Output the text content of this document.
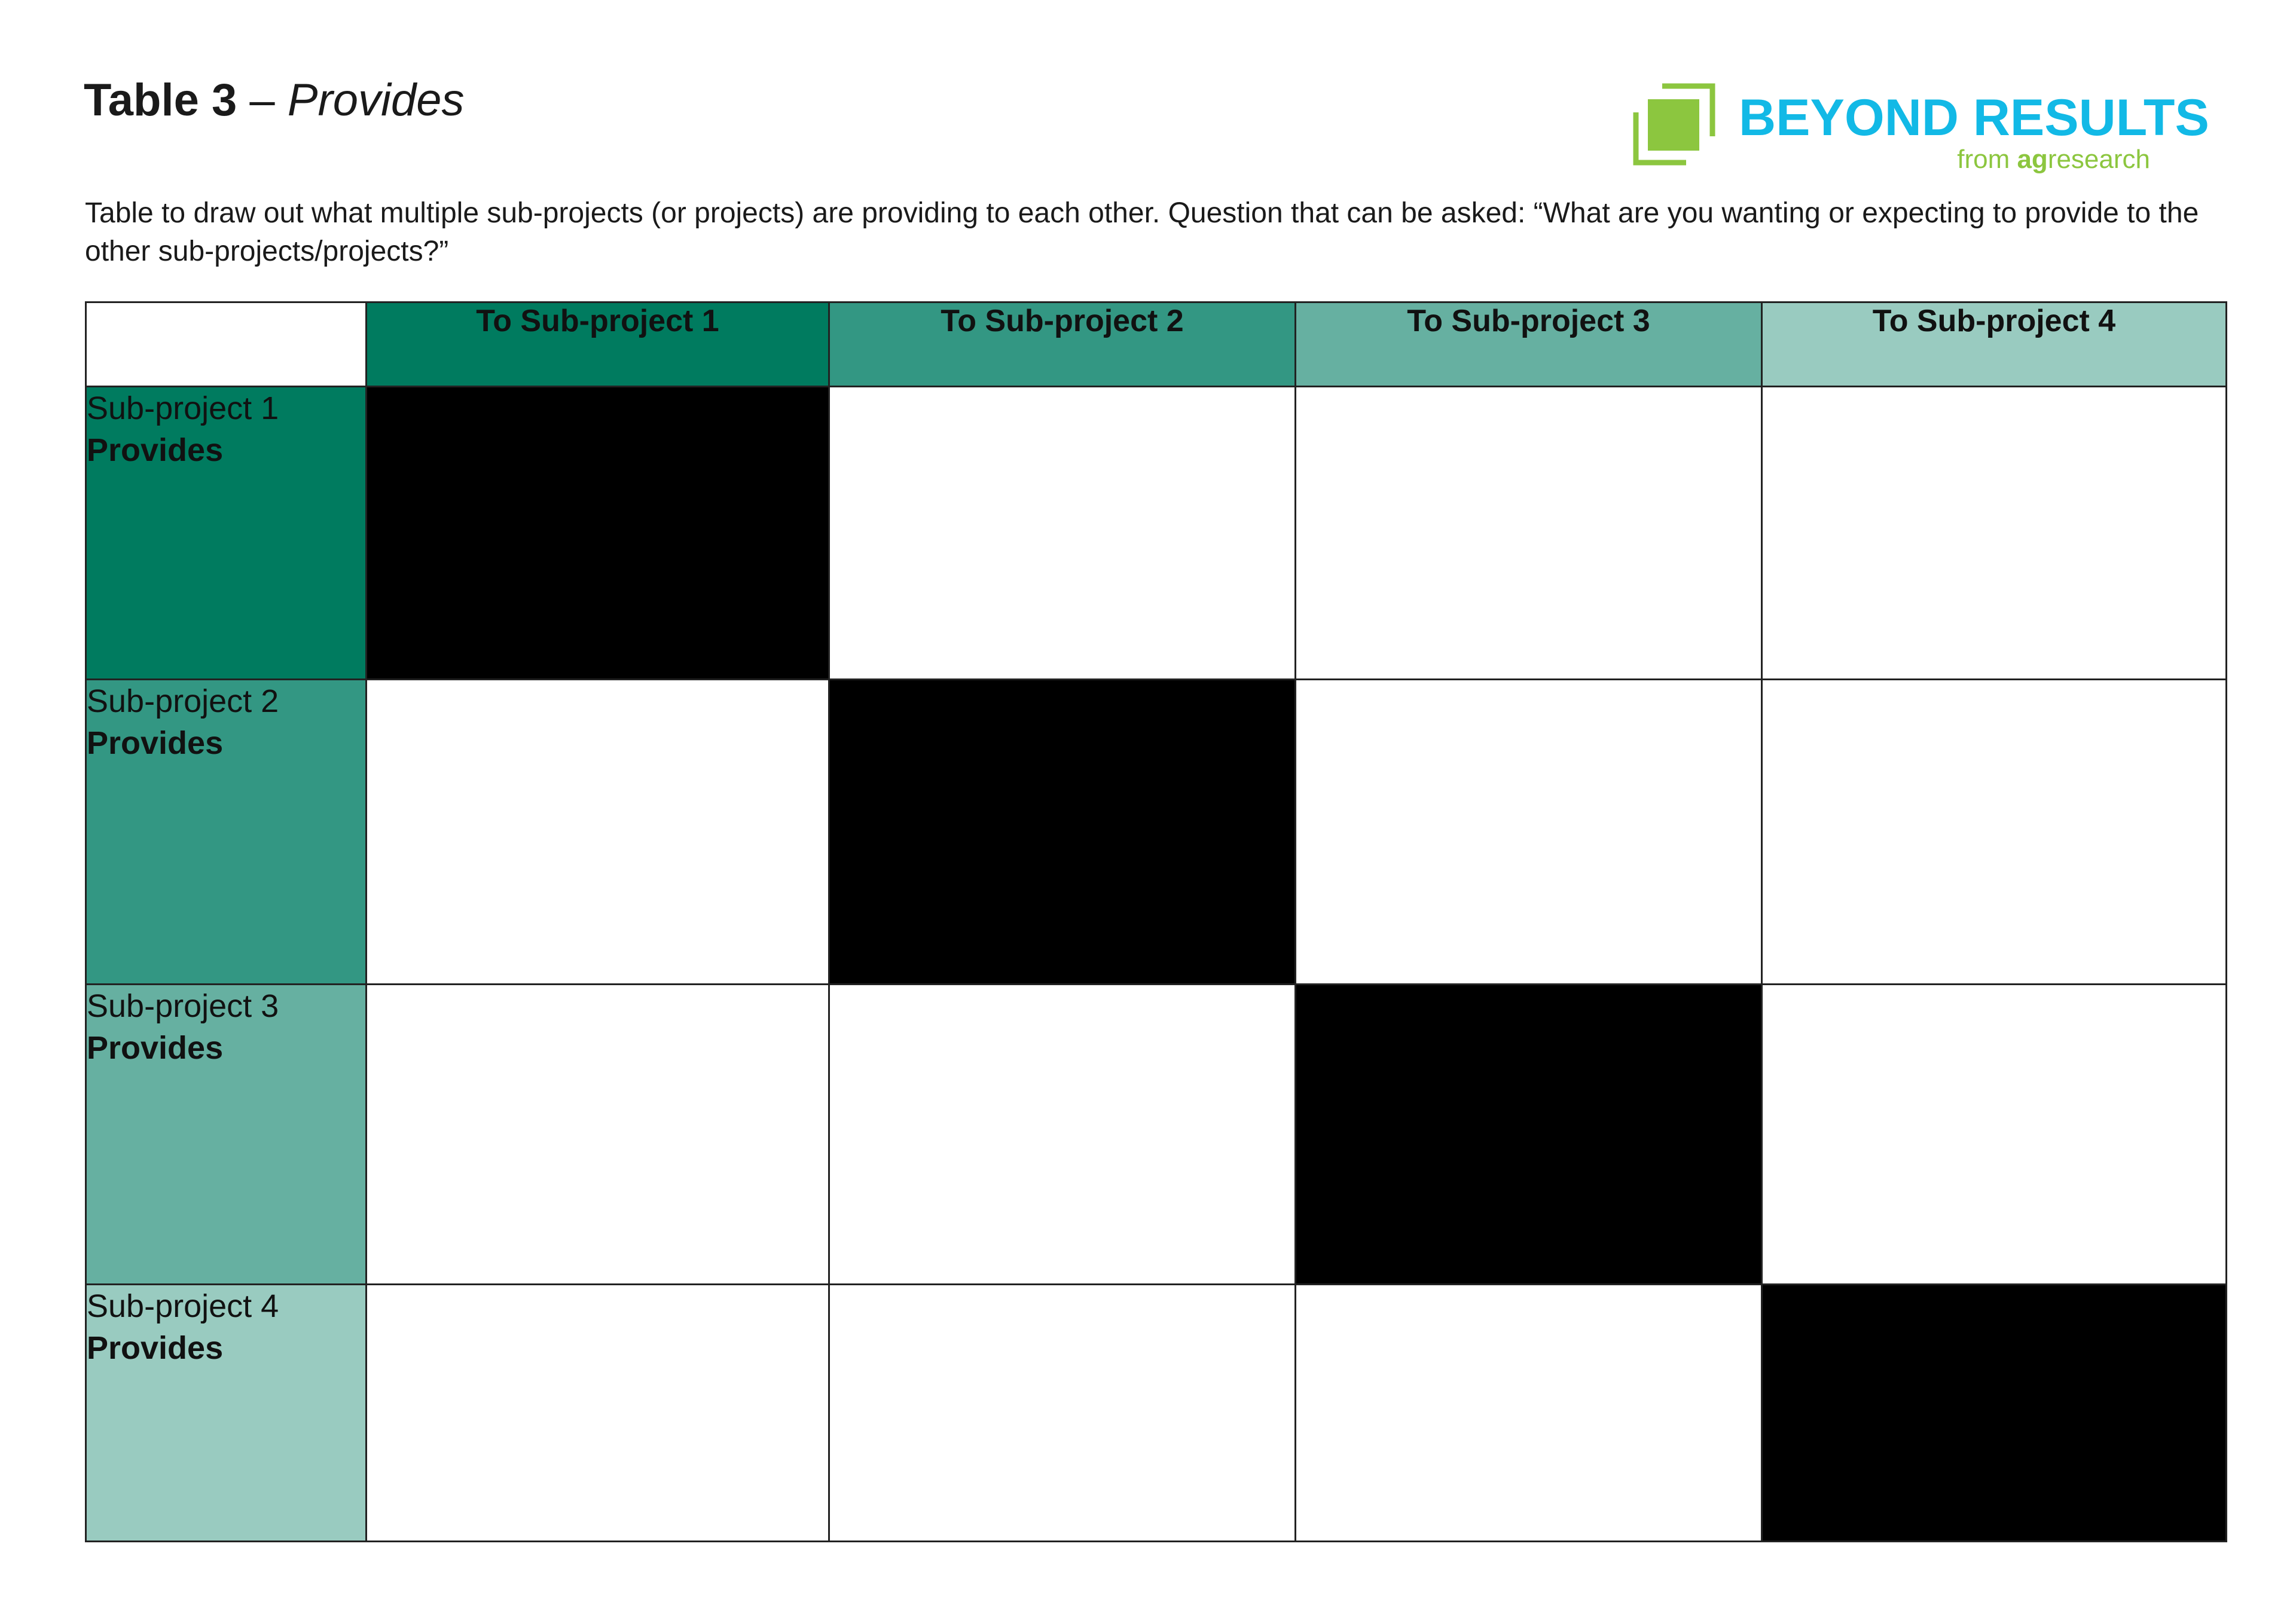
Table 3 – Provides	BEYOND RESULTS
from agresearch
Table to draw out what multiple sub-projects (or projects) are providing to each other. Question that can be asked: “What are you wanting or expecting to provide to the other sub-projects/projects?”
	To Sub-project 1	To Sub-project 2	To Sub-project 3	To Sub-project 4

Sub-project 1
Provides				

Sub-project 2
Provides				

Sub-project 3
Provides				

Sub-project 4
Provides				
